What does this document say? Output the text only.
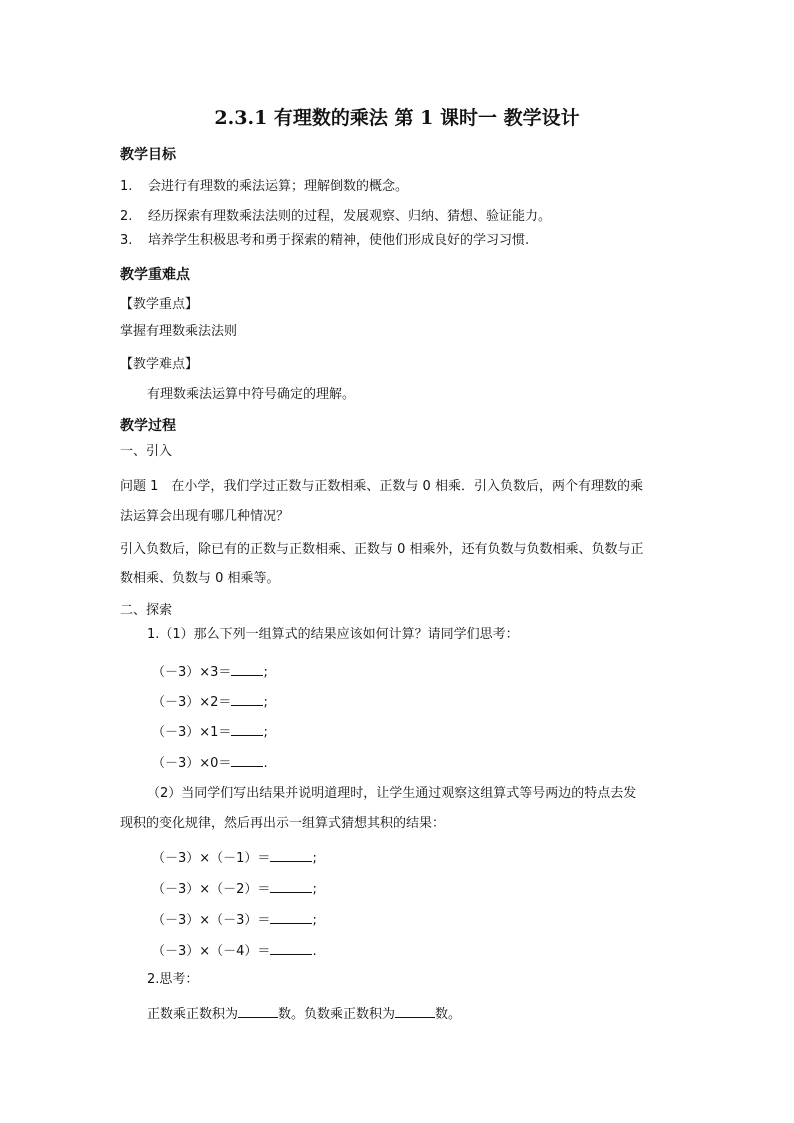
2.3.1 有理数的乘法 第 1 课时一 教学设计
教学目标
1. 会进行有理数的乘法运算；理解倒数的概念。
2. 经历探索有理数乘法法则的过程，发展观察、归纳、猜想、验证能力。
3. 培养学生积极思考和勇于探索的精神，使他们形成良好的学习习惯.
教学重难点
【教学重点】
掌握有理数乘法法则
【教学难点】
有理数乘法运算中符号确定的理解。
教学过程
一、引入
问题 1　在小学，我们学过正数与正数相乘、正数与 0 相乘．引入负数后，两个有理数的乘
法运算会出现有哪几种情况？
引入负数后，除已有的正数与正数相乘、正数与 0 相乘外，还有负数与负数相乘、负数与正
数相乘、负数与 0 相乘等。
二、探索
1.（1）那么下列一组算式的结果应该如何计算？请同学们思考：
（－3）×3＝ ;
（－3）×2＝ ;
（－3）×1＝ ;
（－3）×0＝ .
（2）当同学们写出结果并说明道理时，让学生通过观察这组算式等号两边的特点去发
现积的变化规律，然后再出示一组算式猜想其积的结果：
（－3）×（－1）＝	;
（－3）×（－2）＝	;
（－3）×（－3）＝	;
（－3）×（－4）＝	.
2.思考：
正数乘正数积为	数。负数乘正数积为	数。
